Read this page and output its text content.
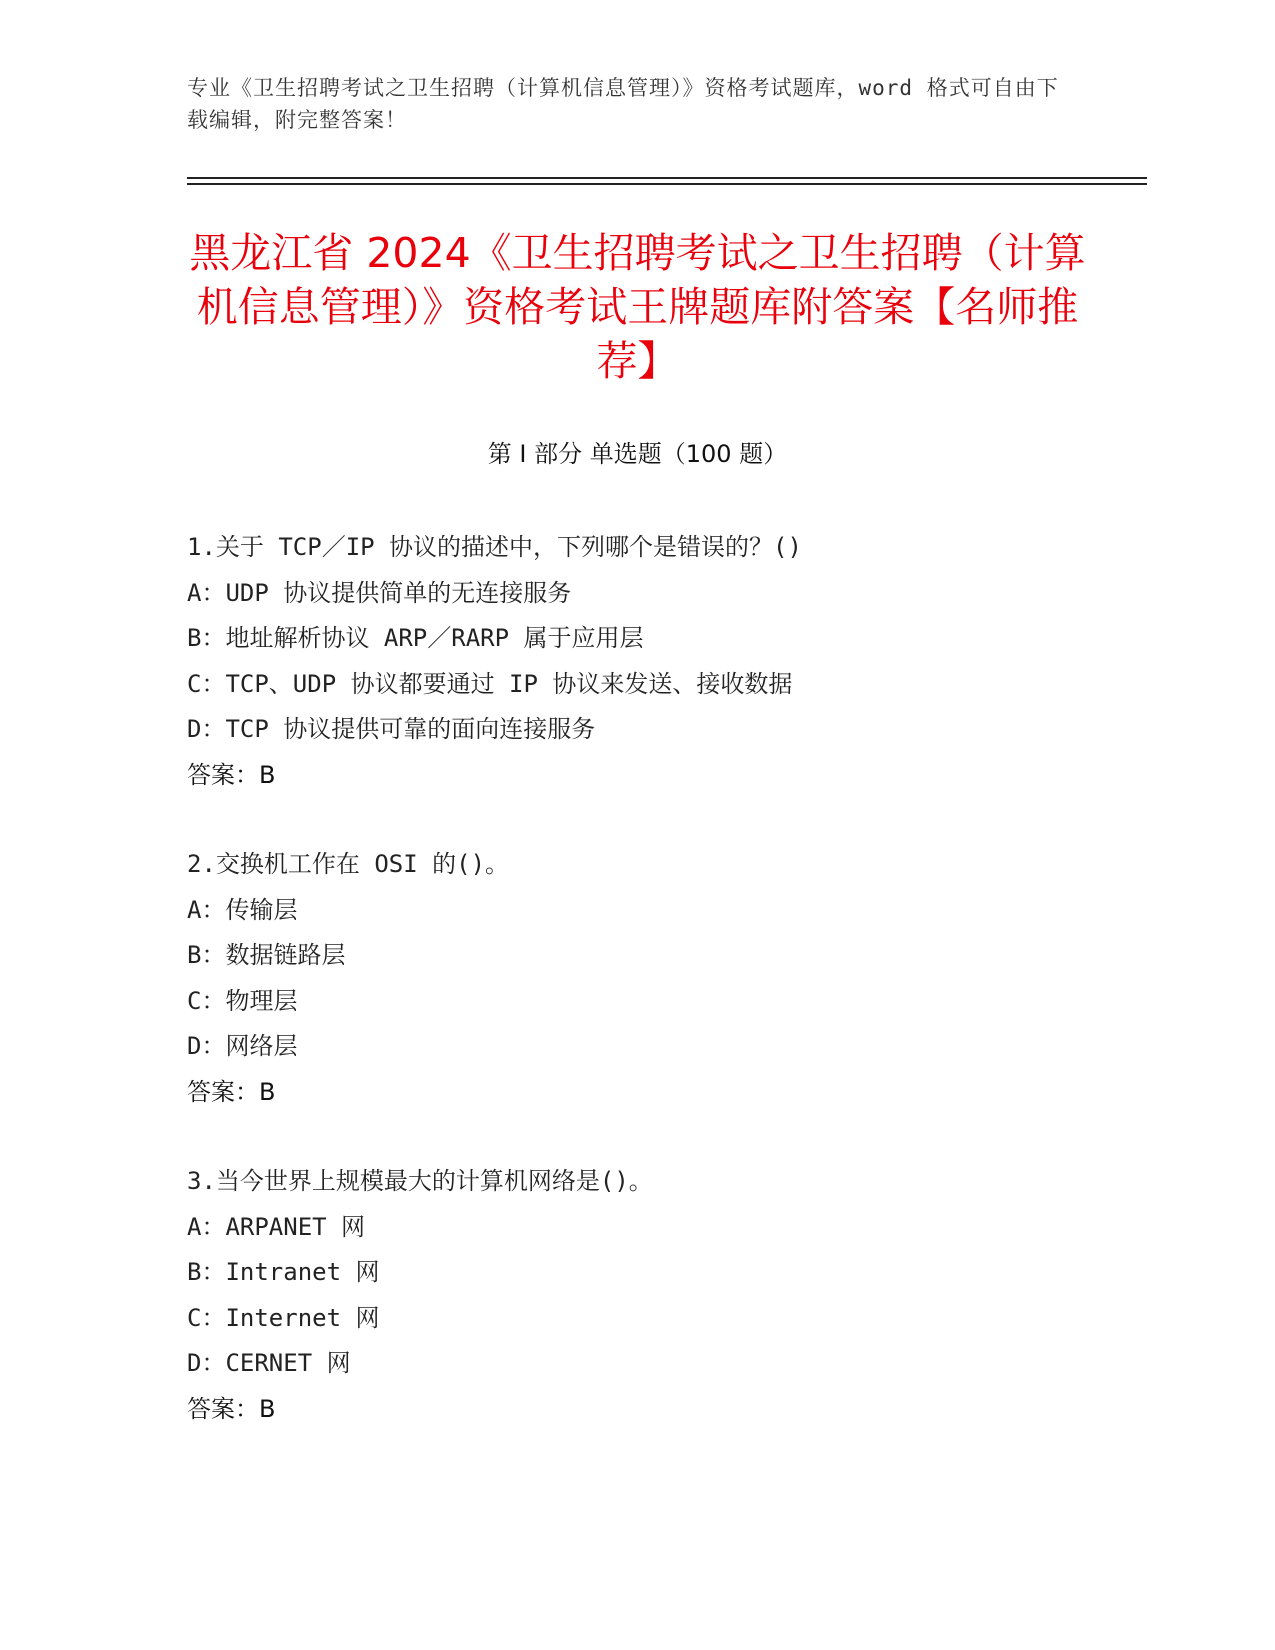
专业《卫生招聘考试之卫生招聘（计算机信息管理）》资格考试题库，word 格式可自由下载编辑，附完整答案！
黑龙江省 2024《卫生招聘考试之卫生招聘（计算机信息管理）》资格考试王牌题库附答案【名师推荐】
第 I 部分 单选题（100 题）
1.关于 TCP／IP 协议的描述中，下列哪个是错误的？()
A：UDP 协议提供简单的无连接服务
B：地址解析协议 ARP／RARP 属于应用层
C：TCP、UDP 协议都要通过 IP 协议来发送、接收数据
D：TCP 协议提供可靠的面向连接服务
答案：B
2.交换机工作在 OSI 的()。
A：传输层
B：数据链路层
C：物理层
D：网络层
答案：B
3.当今世界上规模最大的计算机网络是()。
A：ARPANET 网
B：Intranet 网
C：Internet 网
D：CERNET 网
答案：B
